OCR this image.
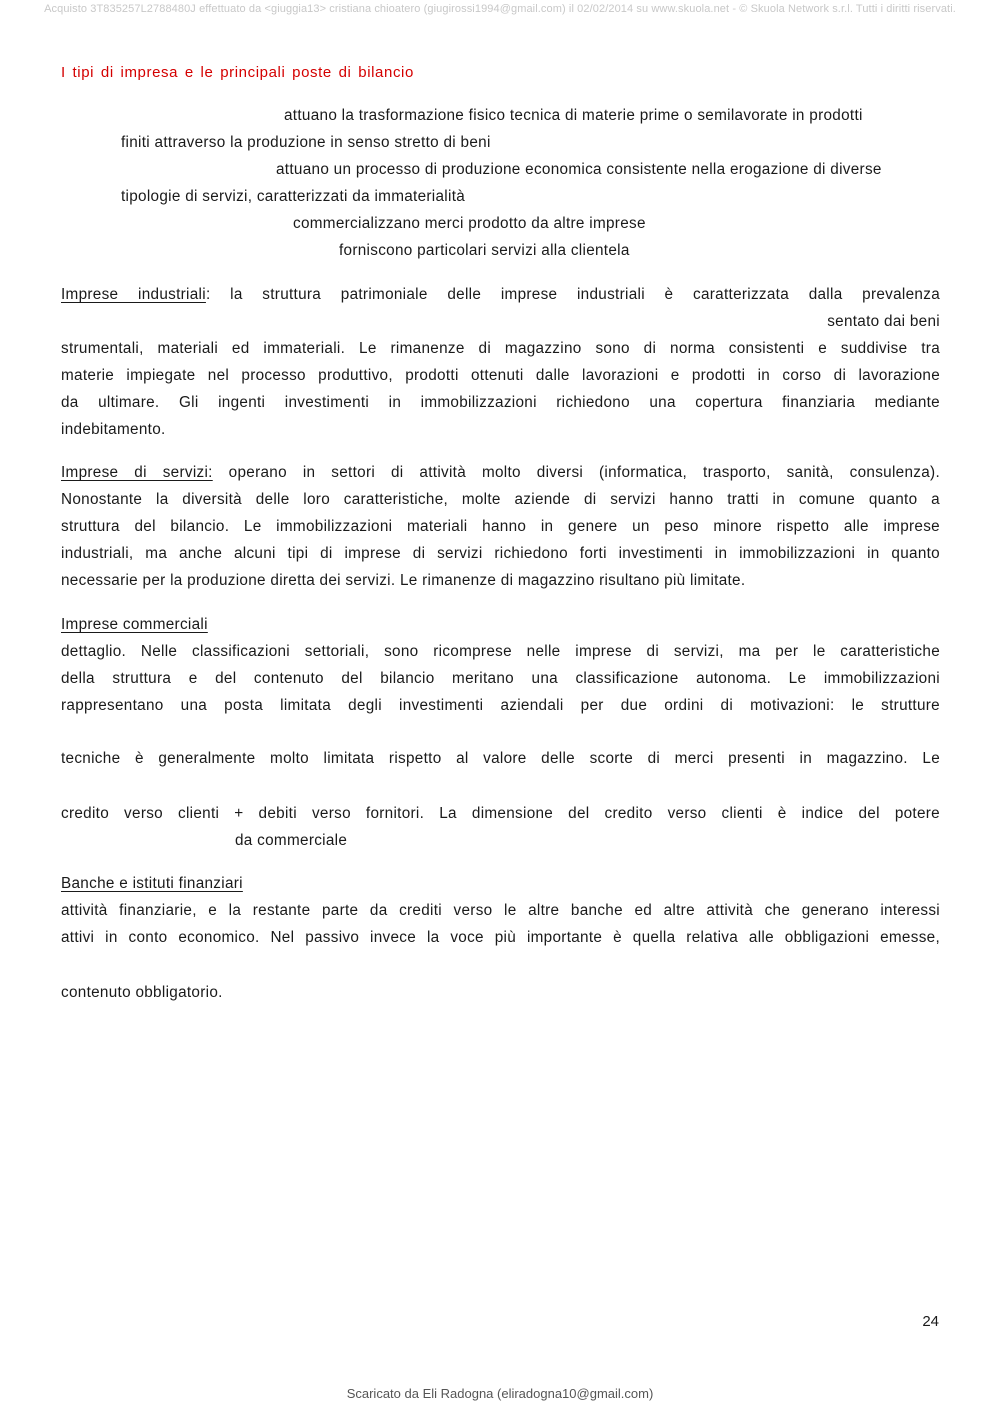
Acquisto 3T835257L2788480J effettuato da <giuggia13> cristiana chioatero (giugirossi1994@gmail.com) il 02/02/2014 su www.skuola.net - © Skuola Network s.r.l. Tutti i diritti riservati.
I tipi di impresa e le principali poste di bilancio
attuano la trasformazione fisico tecnica di materie prime o semilavorate in prodotti
finiti attraverso la produzione in senso stretto di beni
attuano un processo di produzione economica consistente nella erogazione di diverse
tipologie di servizi, caratterizzati da immaterialità
commercializzano merci prodotto da altre imprese
forniscono particolari servizi alla clientela
Imprese industriali: la struttura patrimoniale delle imprese industriali è caratterizzata dalla prevalenza
sentato dai beni
strumentali, materiali ed immateriali. Le rimanenze di magazzino sono di norma consistenti e suddivise tra
materie impiegate nel processo produttivo, prodotti ottenuti dalle lavorazioni e prodotti in corso di lavorazione
da ultimare. Gli ingenti investimenti in immobilizzazioni richiedono una copertura finanziaria mediante
indebitamento.
Imprese di servizi: operano in settori di attività molto diversi (informatica, trasporto, sanità, consulenza).
Nonostante la diversità delle loro caratteristiche, molte aziende di servizi hanno tratti in comune quanto a
struttura del bilancio. Le immobilizzazioni materiali hanno in genere un peso minore rispetto alle imprese
industriali, ma anche alcuni tipi di imprese di servizi richiedono forti investimenti in immobilizzazioni in quanto
necessarie per la produzione diretta dei servizi. Le rimanenze di magazzino risultano più limitate.
Imprese commerciali
dettaglio. Nelle classificazioni settoriali, sono ricomprese nelle imprese di servizi, ma per le caratteristiche
della struttura e del contenuto del bilancio meritano una classificazione autonoma. Le immobilizzazioni
rappresentano una posta limitata degli investimenti aziendali per due ordini di motivazioni: le strutture
tecniche è generalmente molto limitata rispetto al valore delle scorte di merci presenti in magazzino. Le
credito verso clienti + debiti verso fornitori. La dimensione del credito verso clienti è indice del potere
da commerciale
Banche e istituti finanziari
attività finanziarie, e la restante parte da crediti verso le altre banche ed altre attività che generano interessi
attivi in conto economico. Nel passivo invece la voce più importante è quella relativa alle obbligazioni emesse,
contenuto obbligatorio.
24
Scaricato da Eli Radogna (eliradogna10@gmail.com)
